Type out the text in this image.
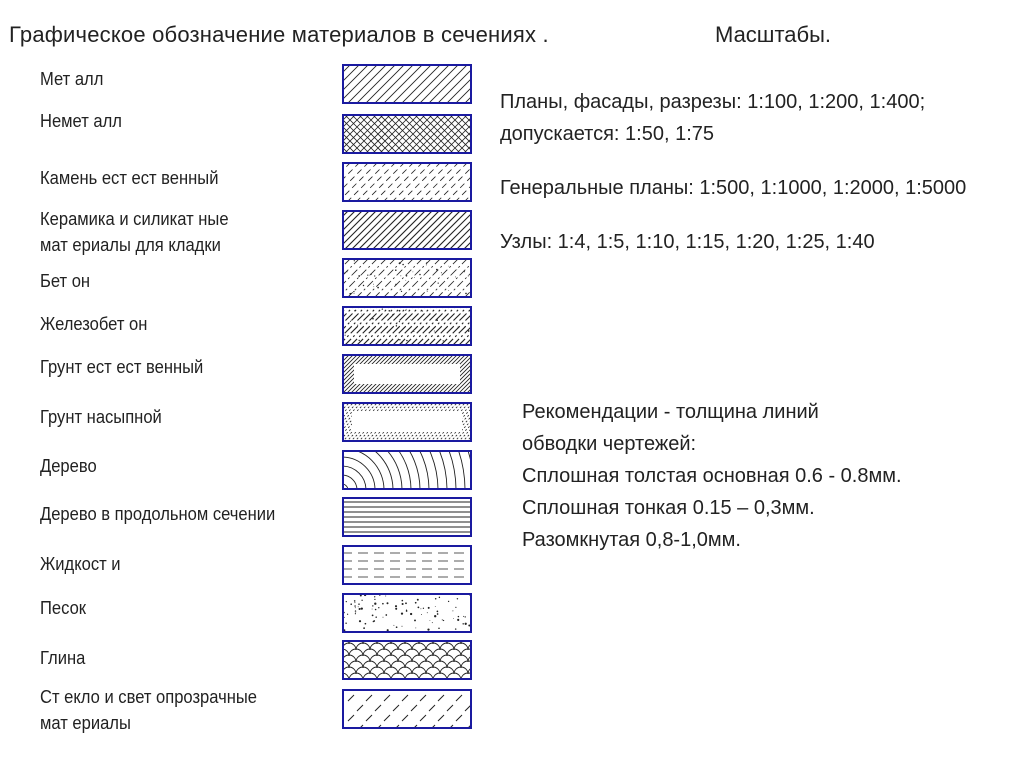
Графическое обозначение материалов в сечениях .	Масштабы.
Мет алл
Немет алл
Камень ест ест венный
Керамика и силикат ные
мат ериалы для кладки
Бет он
Железобет он
Грунт ест ест венный
Грунт насыпной
Дерево
Дерево в продольном сечении
Жидкост и
Песок
Глина
Ст екло и свет опрозрачные
мат ериалы

Планы, фасады, разрезы: 1:100, 1:200, 1:400; допускается: 1:50, 1:75

Генеральные планы: 1:500, 1:1000, 1:2000, 1:5000

Узлы: 1:4, 1:5, 1:10, 1:15, 1:20, 1:25, 1:40

Рекомендации - толщина линий
обводки чертежей:
Сплошная толстая основная 0.6 - 0.8мм.
Сплошная тонкая 0.15 – 0,3мм.
Разомкнутая 0,8-1,0мм.
